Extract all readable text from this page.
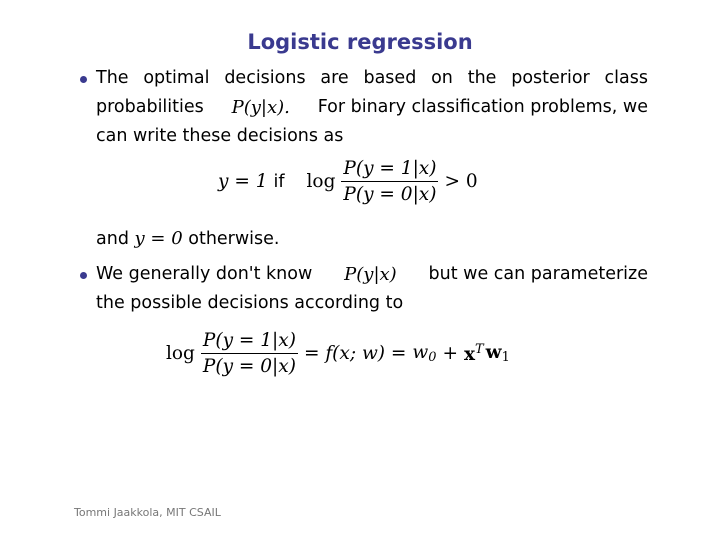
Logistic regression
The optimal decisions are based on the posterior class
probabilities P(y|x). For binary classification problems, we
can write these decisions as
y = 1 if $\log \frac{P(y = 1|x)}{P(y = 0|x)} > 0$
and y = 0 otherwise.
We generally don't know P(y|x) but we can parameterize
the possible decisions according to
$\log \frac{P(y = 1|x)}{P(y = 0|x)} = f(x$; $w) = w_0 + x^T$ $w_1$
Tommi Jaakkola, MIT CSAIL
